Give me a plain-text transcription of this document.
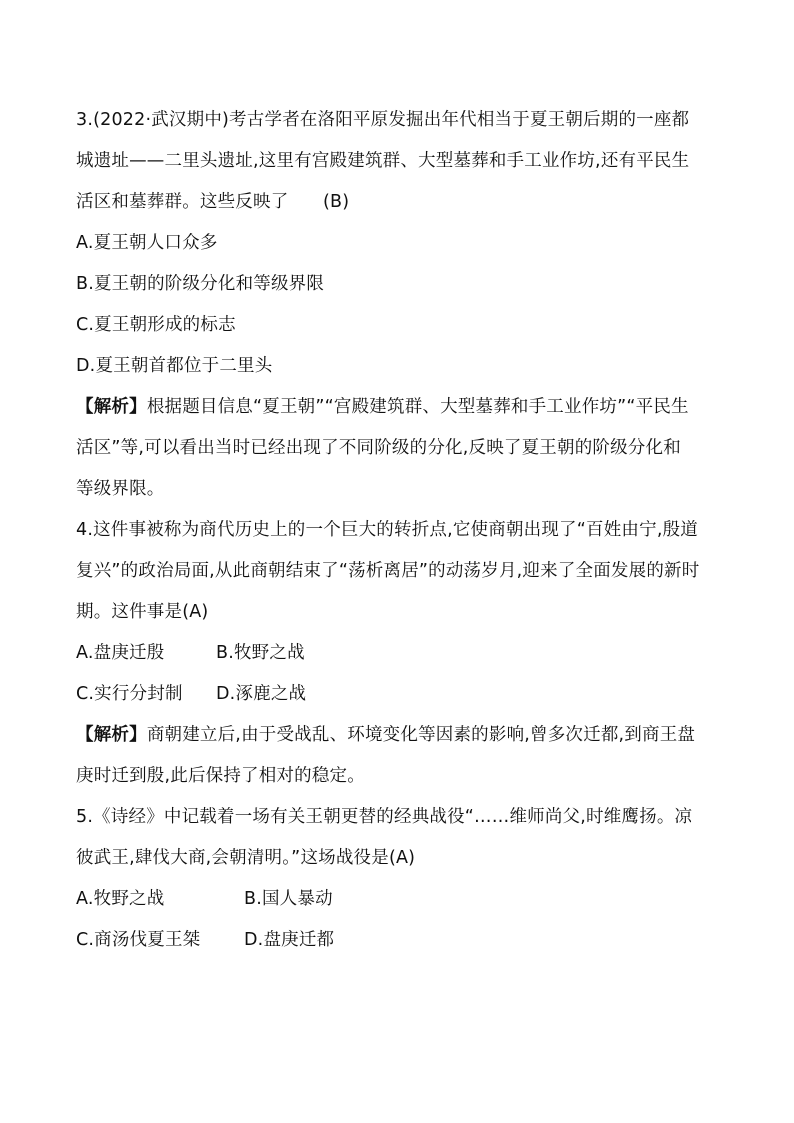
3.(2022·武汉期中)考古学者在洛阳平原发掘出年代相当于夏王朝后期的一座都
城遗址——二里头遗址,这里有宫殿建筑群、大型墓葬和手工业作坊,还有平民生
活区和墓葬群。这些反映了      (B)
A.夏王朝人口众多
B.夏王朝的阶级分化和等级界限
C.夏王朝形成的标志
D.夏王朝首都位于二里头
【解析】根据题目信息“夏王朝”“宫殿建筑群、大型墓葬和手工业作坊”“平民生
活区”等,可以看出当时已经出现了不同阶级的分化,反映了夏王朝的阶级分化和
等级界限。
4.这件事被称为商代历史上的一个巨大的转折点,它使商朝出现了“百姓由宁,殷道
复兴”的政治局面,从此商朝结束了“荡析离居”的动荡岁月,迎来了全面发展的新时
期。这件事是(A)
A.盘庚迁殷	B.牧野之战
C.实行分封制	D.涿鹿之战
【解析】商朝建立后,由于受战乱、环境变化等因素的影响,曾多次迁都,到商王盘
庚时迁到殷,此后保持了相对的稳定。
5.《诗经》中记载着一场有关王朝更替的经典战役“……维师尚父,时维鹰扬。凉
彼武王,肆伐大商,会朝清明。”这场战役是(A)
A.牧野之战	B.国人暴动
C.商汤伐夏王桀	D.盘庚迁都
